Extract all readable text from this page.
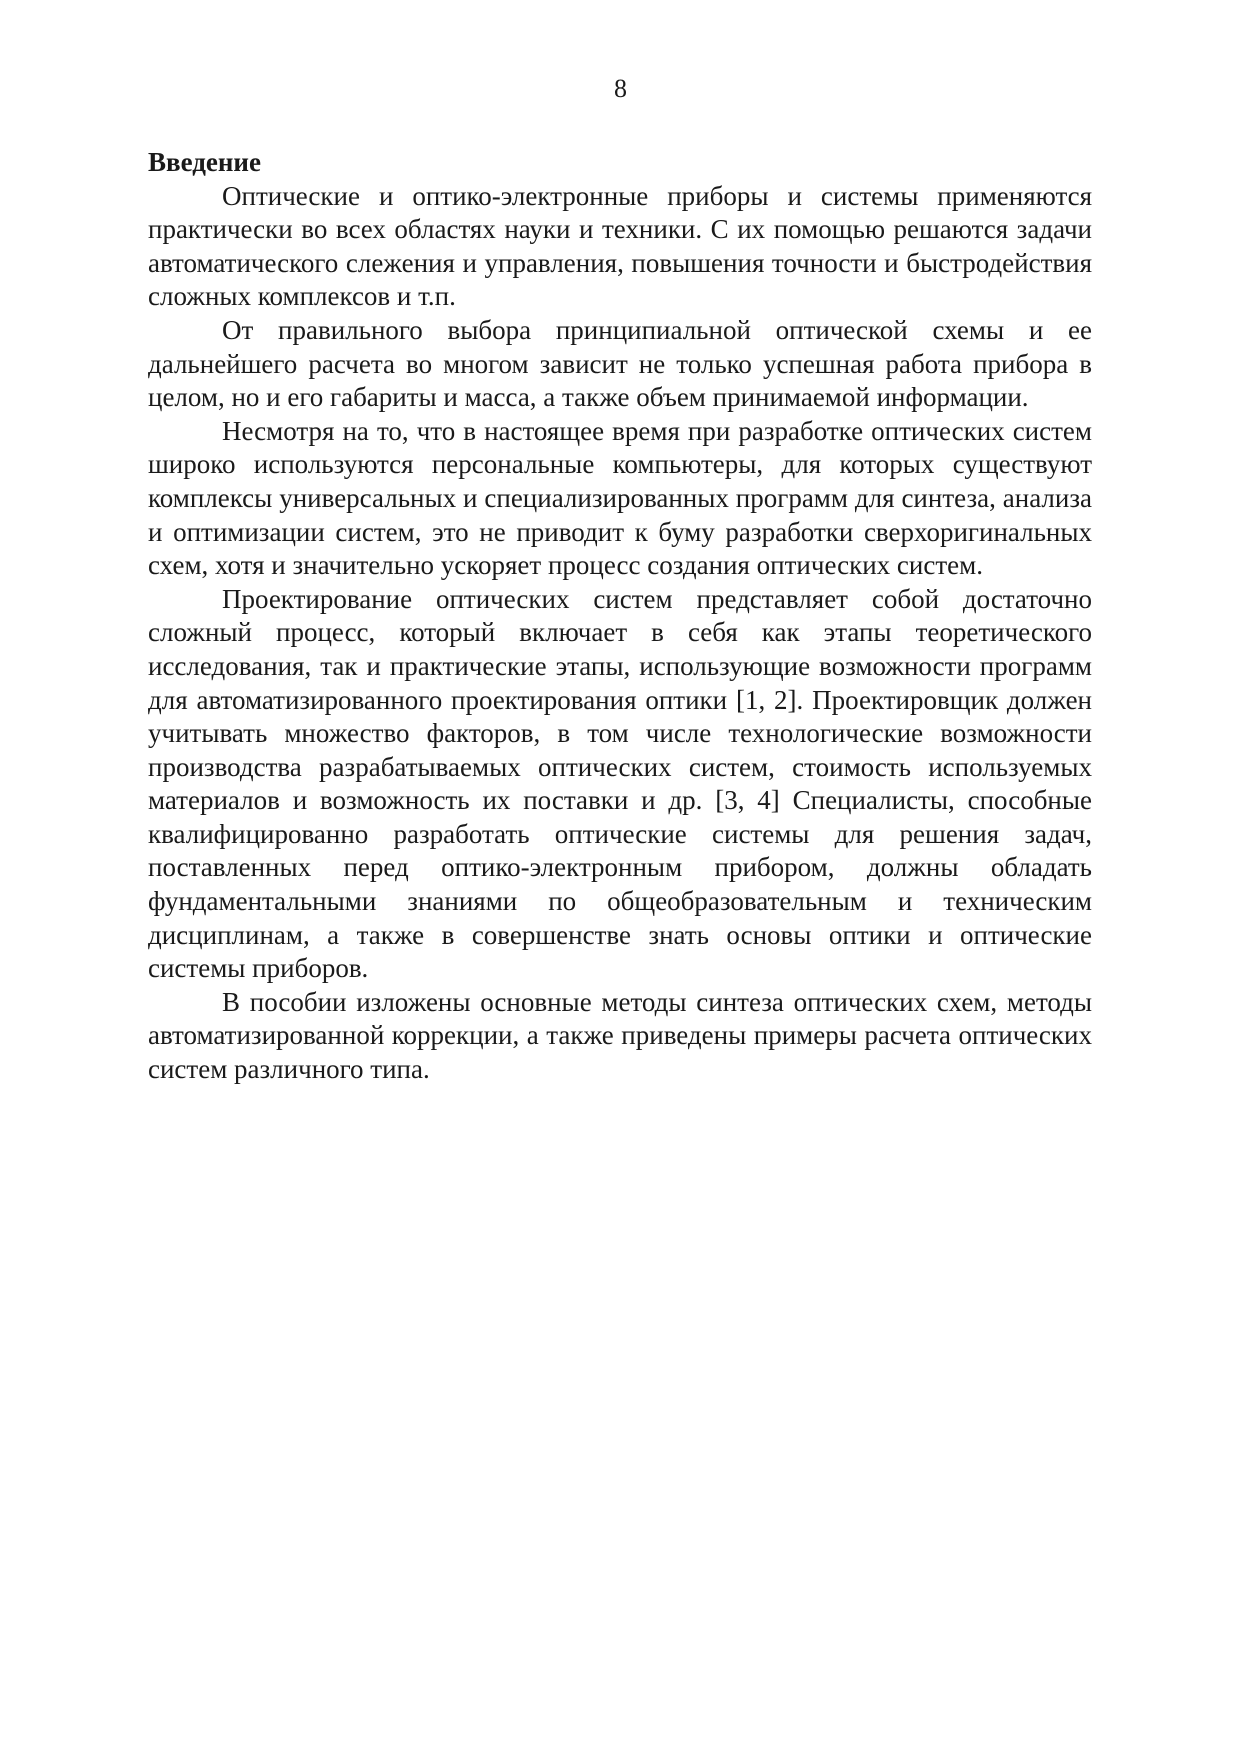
8

Введение

Оптические и оптико-электронные приборы и системы применяются практически во всех областях науки и техники. С их помощью решаются задачи автоматического слежения и управления, повышения точности и быстродействия сложных комплексов и т.п.

От правильного выбора принципиальной оптической схемы и ее дальнейшего расчета во многом зависит не только успешная работа прибора в целом, но и его габариты и масса, а также объем принимаемой информации.

Несмотря на то, что в настоящее время при разработке оптических систем широко используются персональные компьютеры, для которых существуют комплексы универсальных и специализированных программ для синтеза, анализа и оптимизации систем, это не приводит к буму разработки сверхоригинальных схем, хотя и значительно ускоряет процесс создания оптических систем.

Проектирование оптических систем представляет собой достаточно сложный процесс, который включает в себя как этапы теоретического исследования, так и практические этапы, использующие возможности программ для автоматизированного проектирования оптики [1, 2]. Проектировщик должен учитывать множество факторов, в том числе технологические возможности производства разрабатываемых оптических систем, стоимость используемых материалов и возможность их поставки и др. [3, 4] Специалисты, способные квалифицированно разработать оптические системы для решения задач, поставленных перед оптико-электронным прибором, должны обладать фундаментальными знаниями по общеобразовательным и техническим дисциплинам, а также в совершенстве знать основы оптики и оптические системы приборов.

В пособии изложены основные методы синтеза оптических схем, методы автоматизированной коррекции, а также приведены примеры расчета оптических систем различного типа.
